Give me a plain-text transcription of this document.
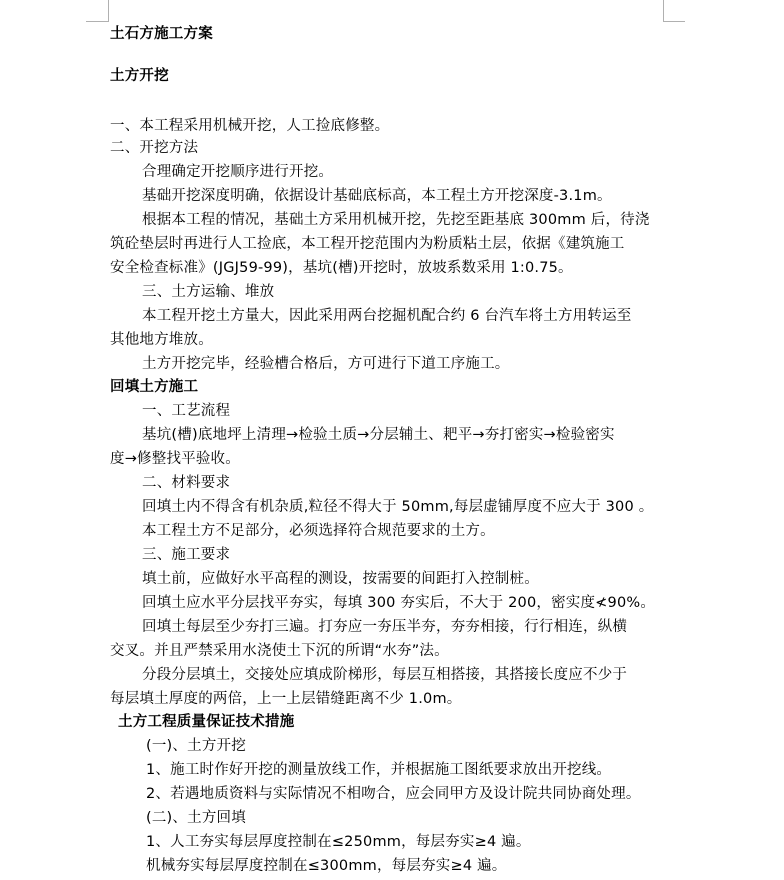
土石方施工方案
土方开挖
一、本工程采用机械开挖，人工捡底修整。
二、开挖方法
合理确定开挖顺序进行开挖。
基础开挖深度明确，依据设计基础底标高，本工程土方开挖深度-3.1m。
根据本工程的情况，基础土方采用机械开挖，先挖至距基底 300mm 后，待浇
筑砼垫层时再进行人工捡底，本工程开挖范围内为粉质粘土层，依据《建筑施工
安全检查标准》(JGJ59-99)，基坑(槽)开挖时，放坡系数采用 1:0.75。
三、土方运输、堆放
本工程开挖土方量大，因此采用两台挖掘机配合约 6 台汽车将土方用转运至
其他地方堆放。
土方开挖完毕，经验槽合格后，方可进行下道工序施工。
回填土方施工
一、工艺流程
基坑(槽)底地坪上清理→检验土质→分层辅土、耙平→夯打密实→检验密实
度→修整找平验收。
二、材料要求
回填土内不得含有机杂质,粒径不得大于 50mm,每层虚铺厚度不应大于 300 。
本工程土方不足部分，必须选择符合规范要求的土方。
三、施工要求
填土前，应做好水平高程的测设，按需要的间距打入控制桩。
回填土应水平分层找平夯实，每填 300 夯实后，不大于 200，密实度≮90%。
回填土每层至少夯打三遍。打夯应一夯压半夯，夯夯相接，行行相连，纵横
交叉。并且严禁采用水浇使土下沉的所谓“水夯”法。
分段分层填土，交接处应填成阶梯形，每层互相搭接，其搭接长度应不少于
每层填土厚度的两倍，上一上层错缝距离不少 1.0m。
土方工程质量保证技术措施
(一)、土方开挖
1、施工时作好开挖的测量放线工作，并根据施工图纸要求放出开挖线。
2、若遇地质资料与实际情况不相吻合，应会同甲方及设计院共同协商处理。
(二)、土方回填
1、人工夯实每层厚度控制在≤250mm，每层夯实≥4 遍。
机械夯实每层厚度控制在≤300mm，每层夯实≥4 遍。
